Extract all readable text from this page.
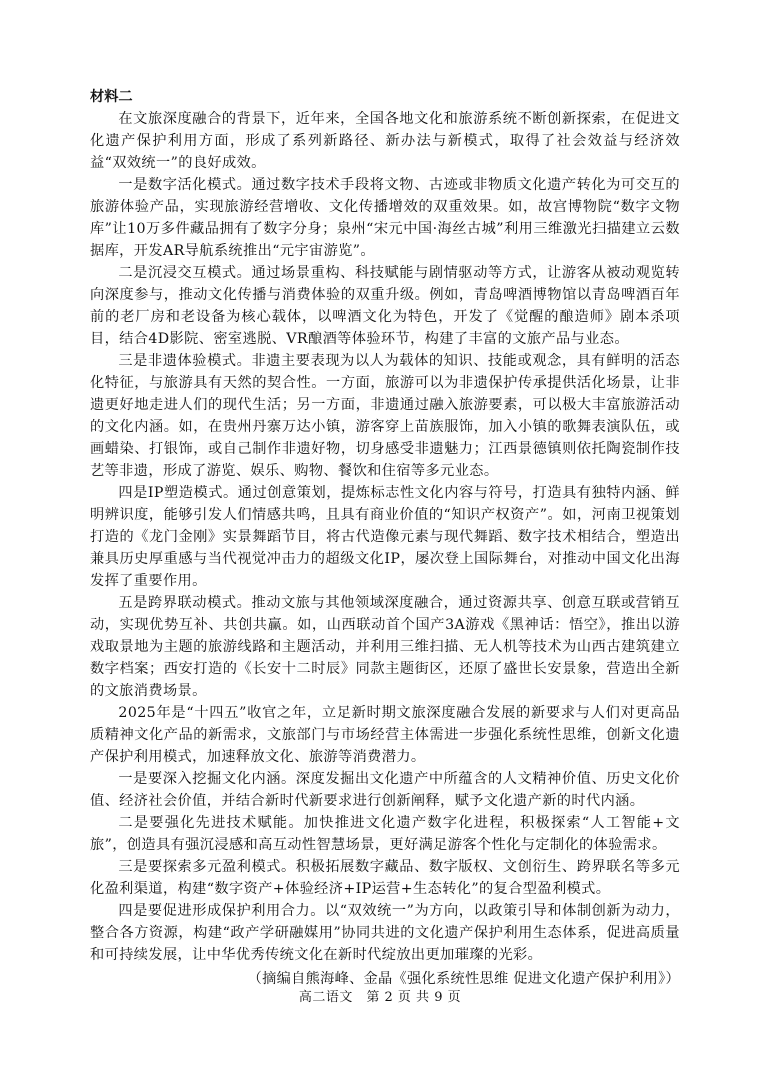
材料二

在文旅深度融合的背景下，近年来，全国各地文化和旅游系统不断创新探索，在促进文化遗产保护利用方面，形成了系列新路径、新办法与新模式，取得了社会效益与经济效益“双效统一”的良好成效。

一是数字活化模式。通过数字技术手段将文物、古迹或非物质文化遗产转化为可交互的旅游体验产品，实现旅游经营增收、文化传播增效的双重效果。如，故宫博物院“数字文物库”让10万多件藏品拥有了数字分身；泉州“宋元中国·海丝古城”利用三维激光扫描建立云数据库，开发AR导航系统推出“元宇宙游览”。

二是沉浸交互模式。通过场景重构、科技赋能与剧情驱动等方式，让游客从被动观览转向深度参与，推动文化传播与消费体验的双重升级。例如，青岛啤酒博物馆以青岛啤酒百年前的老厂房和老设备为核心载体，以啤酒文化为特色，开发了《觉醒的酿造师》剧本杀项目，结合4D影院、密室逃脱、VR酿酒等体验环节，构建了丰富的文旅产品与业态。

三是非遗体验模式。非遗主要表现为以人为载体的知识、技能或观念，具有鲜明的活态化特征，与旅游具有天然的契合性。一方面，旅游可以为非遗保护传承提供活化场景，让非遗更好地走进人们的现代生活；另一方面，非遗通过融入旅游要素，可以极大丰富旅游活动的文化内涵。如，在贵州丹寨万达小镇，游客穿上苗族服饰，加入小镇的歌舞表演队伍，或画蜡染、打银饰，或自己制作非遗好物，切身感受非遗魅力；江西景德镇则依托陶瓷制作技艺等非遗，形成了游览、娱乐、购物、餐饮和住宿等多元业态。

四是IP塑造模式。通过创意策划，提炼标志性文化内容与符号，打造具有独特内涵、鲜明辨识度，能够引发人们情感共鸣，且具有商业价值的“知识产权资产”。如，河南卫视策划打造的《龙门金刚》实景舞蹈节目，将古代造像元素与现代舞蹈、数字技术相结合，塑造出兼具历史厚重感与当代视觉冲击力的超级文化IP，屡次登上国际舞台，对推动中国文化出海发挥了重要作用。

五是跨界联动模式。推动文旅与其他领域深度融合，通过资源共享、创意互联或营销互动，实现优势互补、共创共赢。如，山西联动首个国产3A游戏《黑神话：悟空》，推出以游戏取景地为主题的旅游线路和主题活动，并利用三维扫描、无人机等技术为山西古建筑建立数字档案；西安打造的《长安十二时辰》同款主题街区，还原了盛世长安景象，营造出全新的文旅消费场景。

2025年是“十四五”收官之年，立足新时期文旅深度融合发展的新要求与人们对更高品质精神文化产品的新需求，文旅部门与市场经营主体需进一步强化系统性思维，创新文化遗产保护利用模式，加速释放文化、旅游等消费潜力。

一是要深入挖掘文化内涵。深度发掘出文化遗产中所蕴含的人文精神价值、历史文化价值、经济社会价值，并结合新时代新要求进行创新阐释，赋予文化遗产新的时代内涵。

二是要强化先进技术赋能。加快推进文化遗产数字化进程，积极探索“人工智能+文旅”，创造具有强沉浸感和高互动性智慧场景，更好满足游客个性化与定制化的体验需求。

三是要探索多元盈利模式。积极拓展数字藏品、数字版权、文创衍生、跨界联名等多元化盈利渠道，构建“数字资产+体验经济+IP运营+生态转化”的复合型盈利模式。

四是要促进形成保护利用合力。以“双效统一”为方向，以政策引导和体制创新为动力，整合各方资源，构建“政产学研融媒用”协同共进的文化遗产保护利用生态体系，促进高质量和可持续发展，让中华优秀传统文化在新时代绽放出更加璀璨的光彩。

（摘编自熊海峰、金晶《强化系统性思维 促进文化遗产保护利用》）

高二语文　第 2 页 共 9 页
